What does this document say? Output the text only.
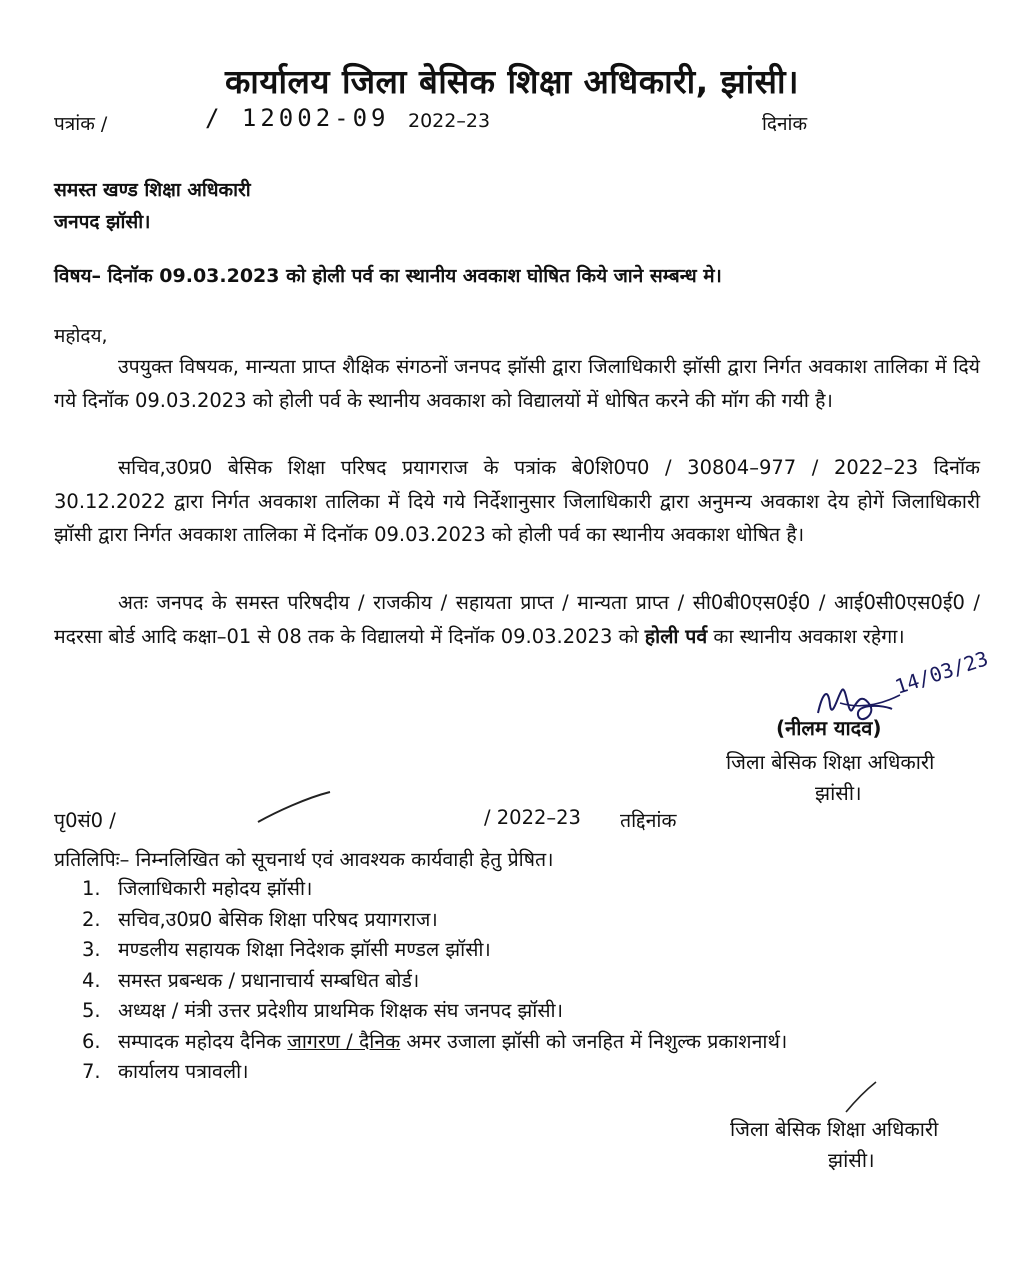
कार्यालय जिला बेसिक शिक्षा अधिकारी, झांसी।
पत्रांक /	/ 12002-09 2022–23	दिनांक
समस्त खण्ड शिक्षा अधिकारी
जनपद झॉसी।
विषय– दिनॉक 09.03.2023 को होली पर्व का स्थानीय अवकाश घोषित किये जाने सम्बन्ध मे।
महोदय,
उपयुक्त विषयक, मान्यता प्राप्त शैक्षिक संगठनों जनपद झॉसी द्वारा जिलाधिकारी झॉसी द्वारा निर्गत अवकाश तालिका में दिये गये दिनॉक 09.03.2023 को होली पर्व के स्थानीय अवकाश को विद्यालयों में धोषित करने की मॉग की गयी है।
सचिव,उ0प्र0 बेसिक शिक्षा परिषद प्रयागराज के पत्रांक बे0शि0प0 / 30804–977 / 2022–23 दिनॉक 30.12.2022 द्वारा निर्गत अवकाश तालिका में दिये गये निर्देशानुसार जिलाधिकारी द्वारा अनुमन्य अवकाश देय होगें जिलाधिकारी झॉसी द्वारा निर्गत अवकाश तालिका में दिनॉक 09.03.2023 को होली पर्व का स्थानीय अवकाश धोषित है।
अतः जनपद के समस्त परिषदीय / राजकीय / सहायता प्राप्त / मान्यता प्राप्त / सी0बी0एस0ई0 / आई0सी0एस0ई0 / मदरसा बोर्ड आदि कक्षा–01 से 08 तक के विद्यालयो में दिनॉक 09.03.2023 को होली पर्व का स्थानीय अवकाश रहेगा।
14/03/23
(नीलम यादव)
जिला बेसिक शिक्षा अधिकारी
झांसी।
पृ0सं0 /	/ 2022–23 तद्दिनांक
प्रतिलिपिः– निम्नलिखित को सूचनार्थ एवं आवश्यक कार्यवाही हेतु प्रेषित।
1. जिलाधिकारी महोदय झॉसी।
2. सचिव,उ0प्र0 बेसिक शिक्षा परिषद प्रयागराज।
3. मण्डलीय सहायक शिक्षा निदेशक झॉसी मण्डल झॉसी।
4. समस्त प्रबन्धक / प्रधानाचार्य सम्बधित बोर्ड।
5. अध्यक्ष / मंत्री उत्तर प्रदेशीय प्राथमिक शिक्षक संघ जनपद झॉसी।
6. सम्पादक महोदय दैनिक जागरण / दैनिक अमर उजाला झॉसी को जनहित में निशुल्क प्रकाशनार्थ।
7. कार्यालय पत्रावली।
जिला बेसिक शिक्षा अधिकारी
झांसी।
